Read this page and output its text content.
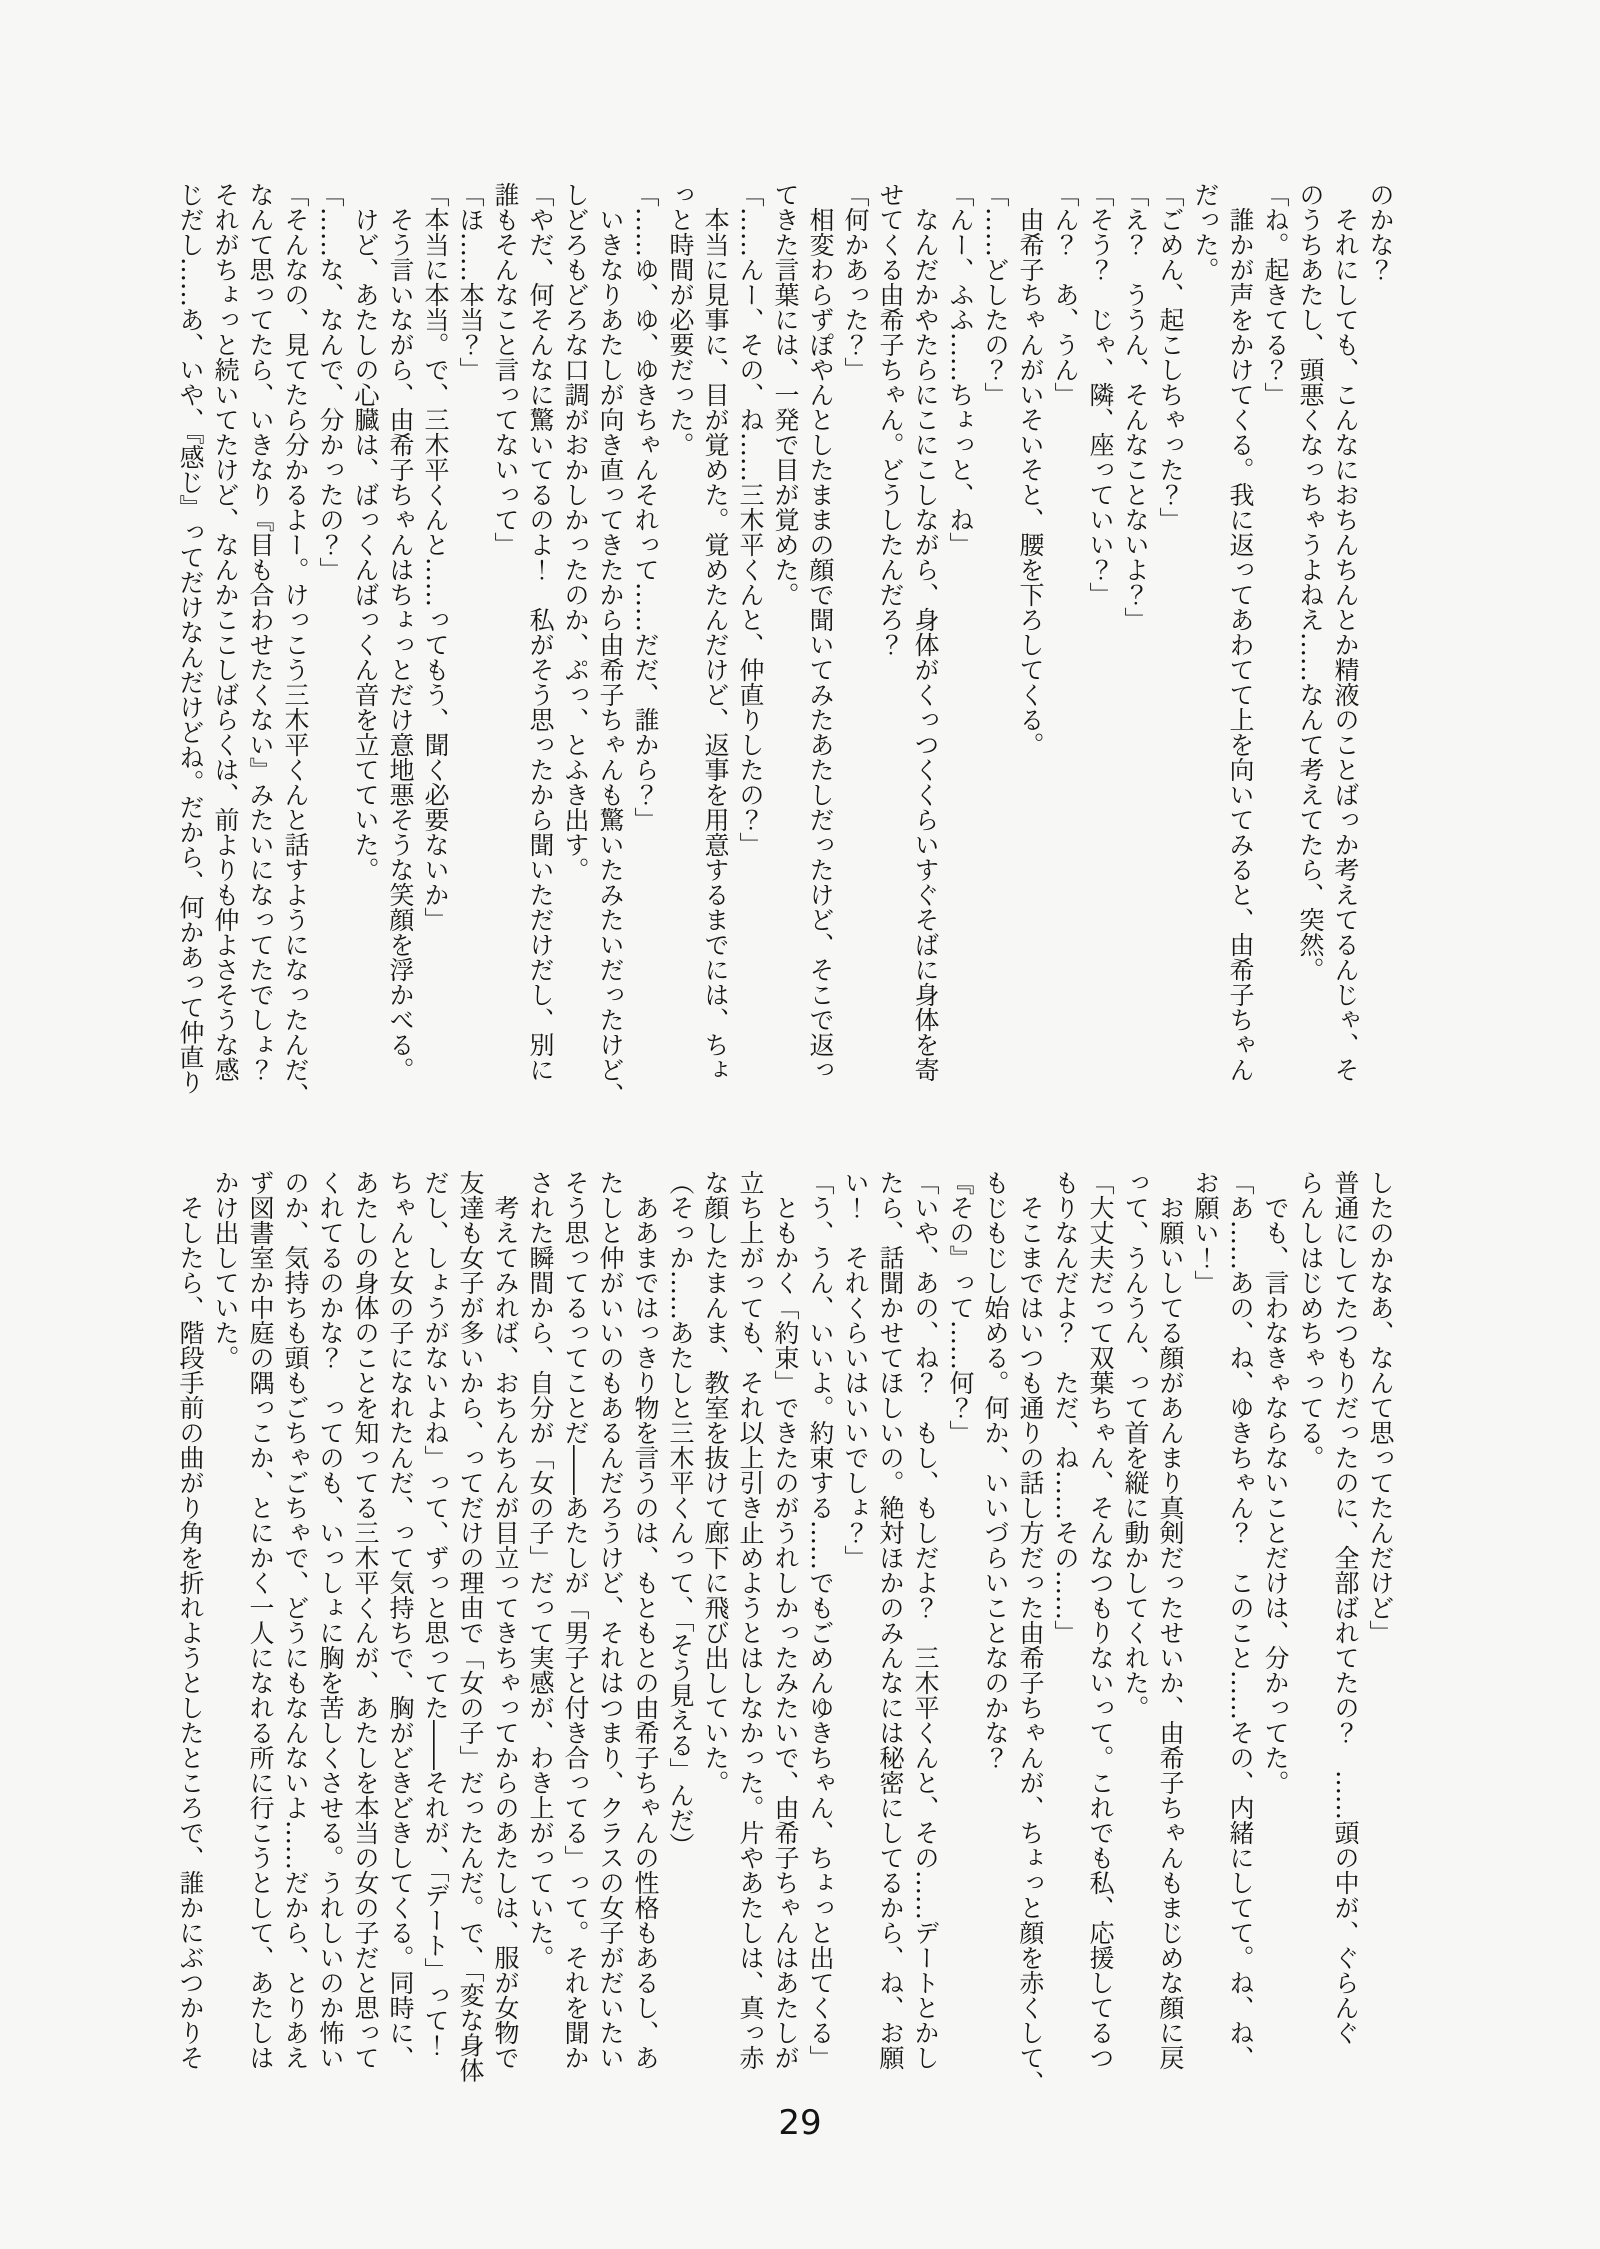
のかな？
　それにしても、こんなにおちんちんとか精液のことばっか考えてるんじゃ、そ
のうちあたし、頭悪くなっちゃうよねえ……なんて考えてたら、突然。
「ね。起きてる？」
　誰かが声をかけてくる。我に返ってあわてて上を向いてみると、由希子ちゃん
だった。
「ごめん、起こしちゃった？」
「え？　ううん、そんなことないよ？」
「そう？　じゃ、隣、座っていい？」
「ん？　あ、うん」
　由希子ちゃんがいそいそと、腰を下ろしてくる。
「……どしたの？」
「んー、ふふ……ちょっと、ね」
　なんだかやたらにこにこしながら、身体がくっつくくらいすぐそばに身体を寄
せてくる由希子ちゃん。どうしたんだろ？
「何かあった？」
　相変わらずぽやんとしたままの顔で聞いてみたあたしだったけど、そこで返っ
てきた言葉には、一発で目が覚めた。
「……んー、その、ね……三木平くんと、仲直りしたの？」
　本当に見事に、目が覚めた。覚めたんだけど、返事を用意するまでには、ちょ
っと時間が必要だった。
「……ゆ、ゆ、ゆきちゃんそれって……だだ、誰から？」
　いきなりあたしが向き直ってきたから由希子ちゃんも驚いたみたいだったけど、
しどろもどろな口調がおかしかったのか、ぷっ、とふき出す。
「やだ、何そんなに驚いてるのよ！　私がそう思ったから聞いただけだし、別に
誰もそんなこと言ってないって」
「ほ……本当？」
「本当に本当。で、三木平くんと……ってもう、聞く必要ないか」
　そう言いながら、由希子ちゃんはちょっとだけ意地悪そうな笑顔を浮かべる。
　けど、あたしの心臓は、ばっくんばっくん音を立てていた。
「……な、なんで、分かったの？」
「そんなの、見てたら分かるよー。けっこう三木平くんと話すようになったんだ、
なんて思ってたら、いきなり『目も合わせたくない』みたいになってたでしょ？
それがちょっと続いてたけど、なんかここしばらくは、前よりも仲よさそうな感
じだし……あ、いや、『感じ』ってだけなんだけどね。だから、何かあって仲直り
したのかなあ、なんて思ってたんだけど」
普通にしてたつもりだったのに、全部ばれてたの？　……頭の中が、ぐらんぐ
らんしはじめちゃってる。
　でも、言わなきゃならないことだけは、分かってた。
「あ……あの、ね、ゆきちゃん？　このこと……その、内緒にしてて。ね、ね、
お願い！」
　お願いしてる顔があんまり真剣だったせいか、由希子ちゃんもまじめな顔に戻
って、うんうん、って首を縦に動かしてくれた。
「大丈夫だって双葉ちゃん、そんなつもりないって。これでも私、応援してるつ
もりなんだよ？　ただ、ね……その……」
　そこまではいつも通りの話し方だった由希子ちゃんが、ちょっと顔を赤くして、
もじもじし始める。何か、いいづらいことなのかな？
『その』って……何？」
「いや、あの、ね？　もし、もしだよ？　三木平くんと、その……デートとかし
たら、話聞かせてほしいの。絶対ほかのみんなには秘密にしてるから、ね、お願
い！　それくらいはいいでしょ？」
「う、うん、いいよ。約束する……でもごめんゆきちゃん、ちょっと出てくる」
　ともかく「約束」できたのがうれしかったみたいで、由希子ちゃんはあたしが
立ち上がっても、それ以上引き止めようとはしなかった。片やあたしは、真っ赤
な顔したまんま、教室を抜けて廊下に飛び出していた。
（そっか……あたしと三木平くんって、「そう見える」んだ）
　ああまではっきり物を言うのは、もともとの由希子ちゃんの性格もあるし、あ
たしと仲がいいのもあるんだろうけど、それはつまり、クラスの女子がだいたい
そう思ってるってことだ――あたしが「男子と付き合ってる」って。それを聞か
された瞬間から、自分が「女の子」だって実感が、わき上がっていた。
　考えてみれば、おちんちんが目立ってきちゃってからのあたしは、服が女物で
友達も女子が多いから、ってだけの理由で「女の子」だったんだ。で、「変な身体
だし、しょうがないよね」って、ずっと思ってた――それが、「デート」って！
ちゃんと女の子になれたんだ、って気持ちで、胸がどきどきしてくる。同時に、
あたしの身体のことを知ってる三木平くんが、あたしを本当の女の子だと思って
くれてるのかな？　ってのも、いっしょに胸を苦しくさせる。うれしいのか怖い
のか、気持ちも頭もごちゃごちゃで、どうにもなんないよ……だから、とりあえ
ず図書室か中庭の隅っこか、とにかく一人になれる所に行こうとして、あたしは
かけ出していた。
　そしたら、階段手前の曲がり角を折れようとしたところで、誰かにぶつかりそ
29
